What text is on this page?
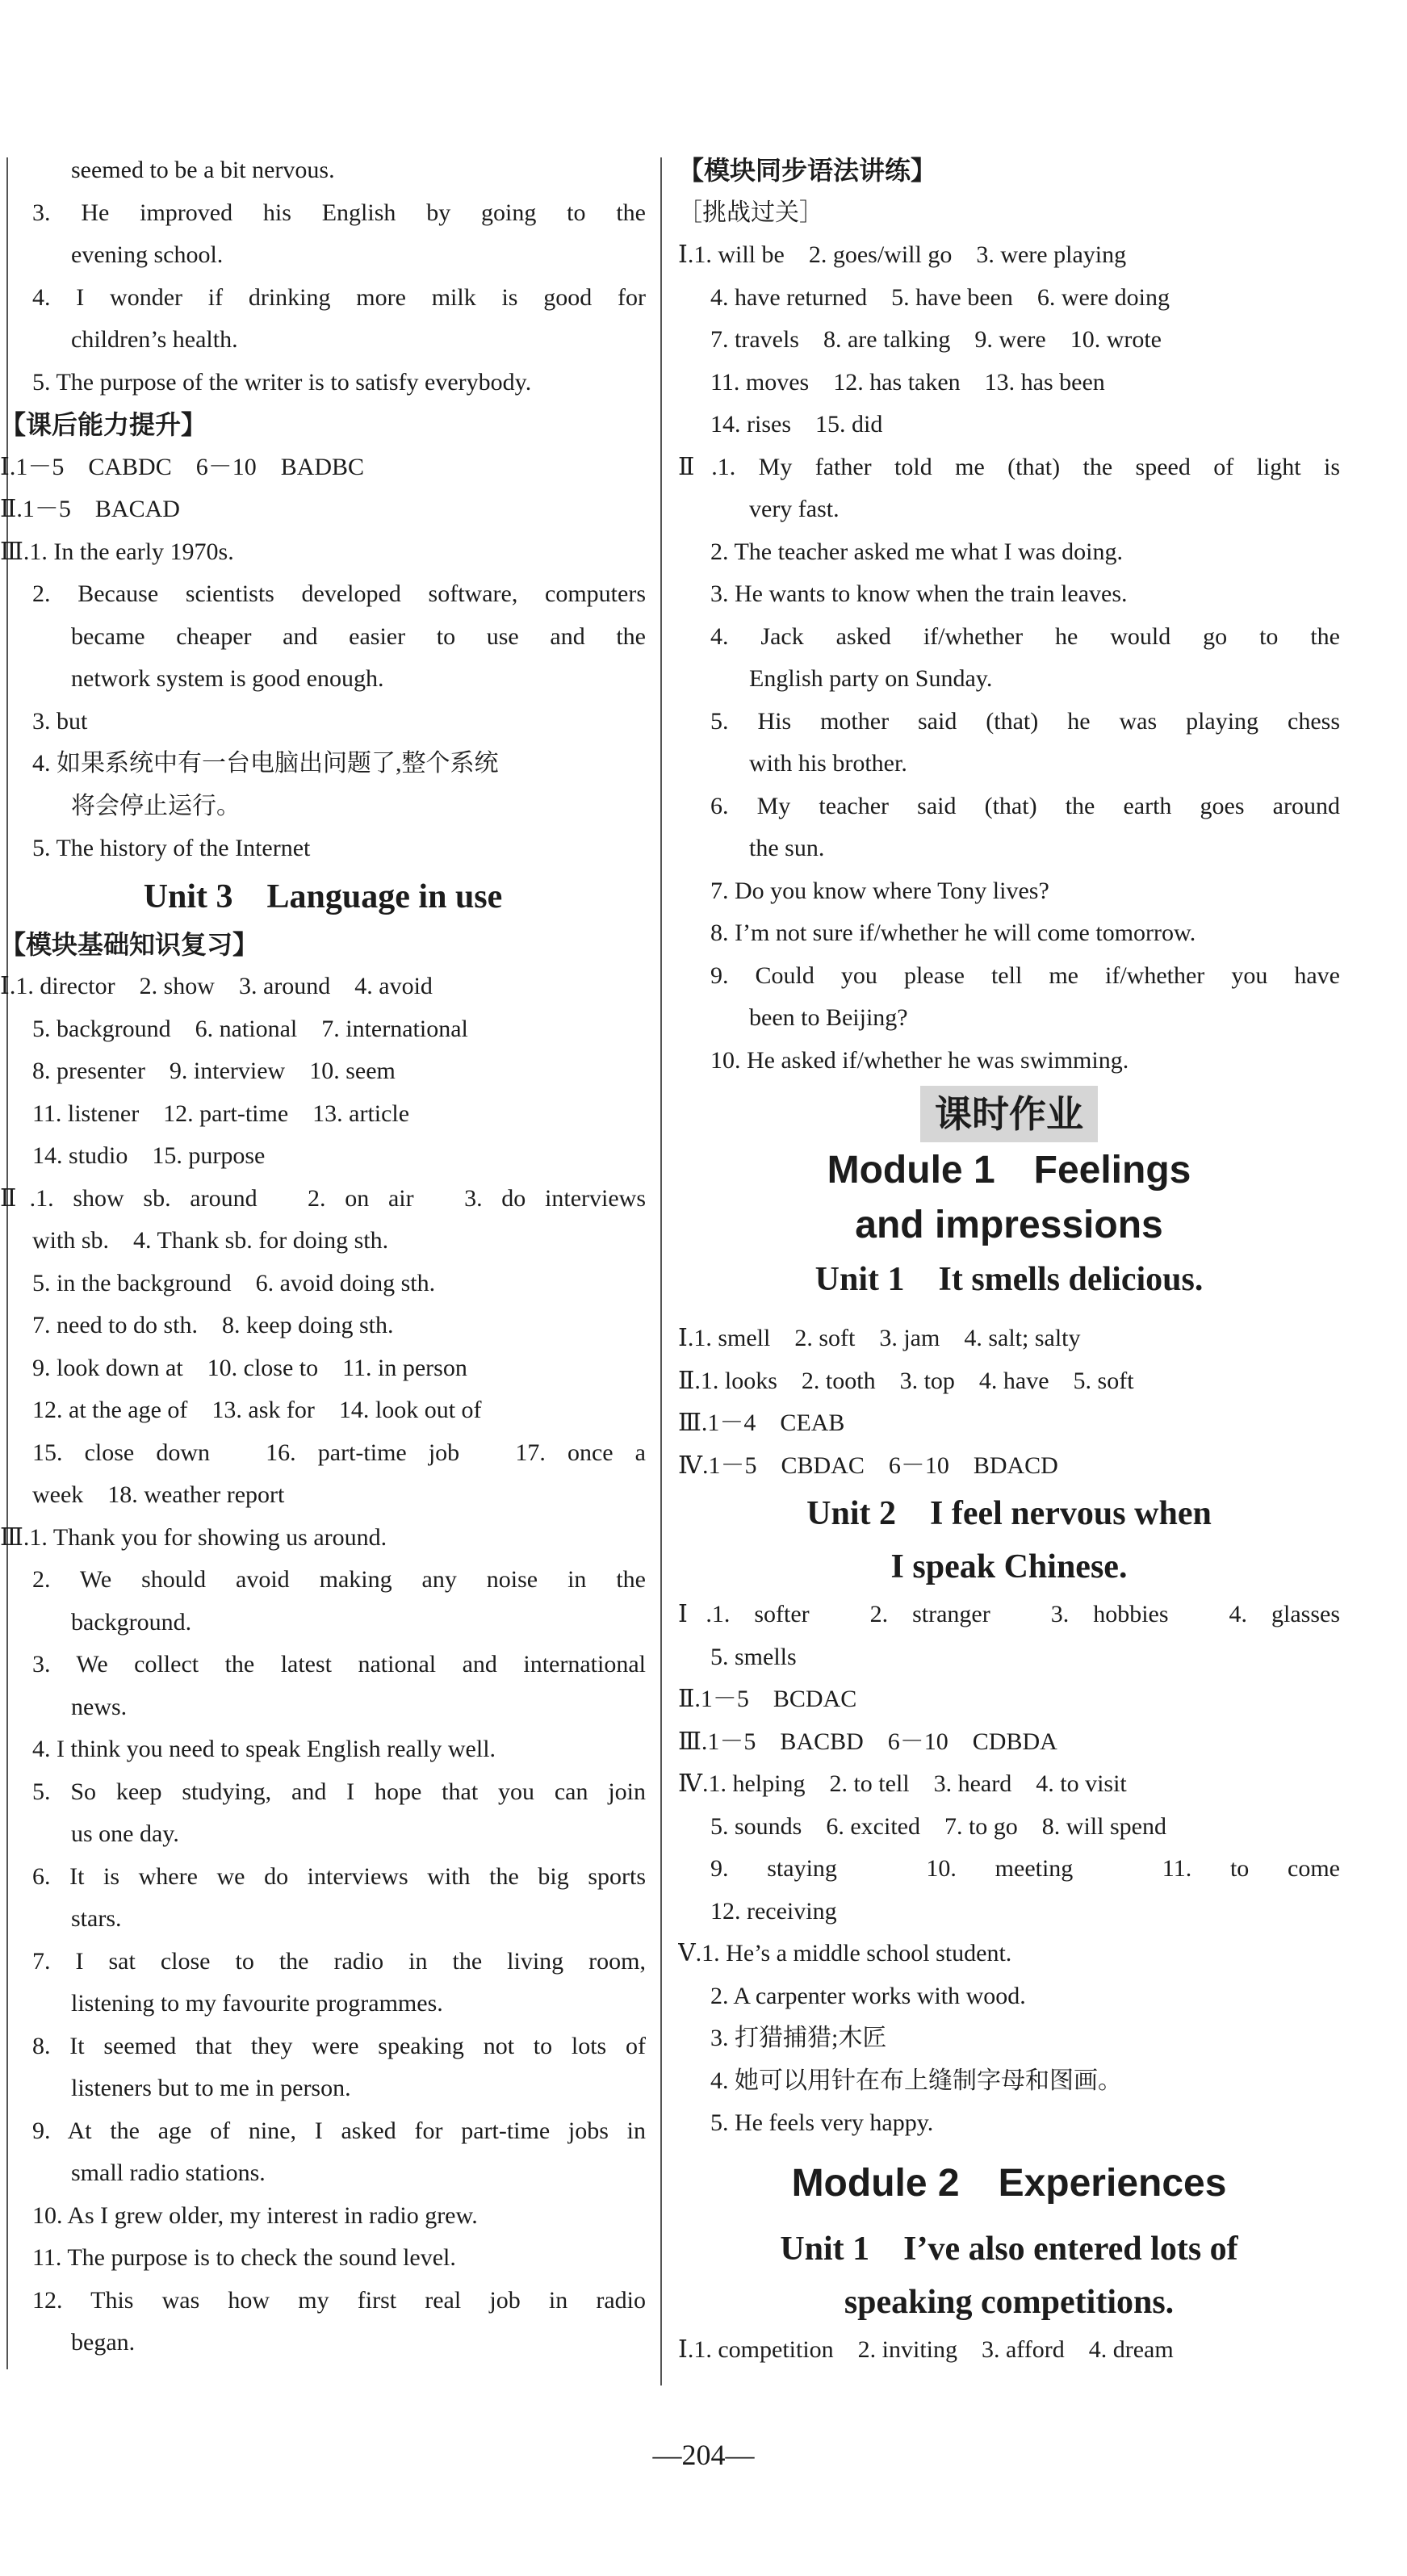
seemed to be a bit nervous.
3. He improved his English by going to the
evening school.
4. I wonder if drinking more milk is good for
children’s health.
5. The purpose of the writer is to satisfy everybody.
【课后能力提升】
Ⅰ.1－5　CABDC　6－10　BADBC
Ⅱ.1－5　BACAD
Ⅲ.1. In the early 1970s.
2. Because scientists developed software, computers
became cheaper and easier to use and the
network system is good enough.
3. but
4. 如果系统中有一台电脑出问题了,整个系统
将会停止运行。
5. The history of the Internet
Unit 3　Language in use
【模块基础知识复习】
Ⅰ.1. director　2. show　3. around　4. avoid
5. background　6. national　7. international
8. presenter　9. interview　10. seem
11. listener　12. part-time　13. article
14. studio　15. purpose
Ⅱ.1. show sb. around　2. on air　3. do interviews
with sb.　4. Thank sb. for doing sth.
5. in the background　6. avoid doing sth.
7. need to do sth.　8. keep doing sth.
9. look down at　10. close to　11. in person
12. at the age of　13. ask for　14. look out of
15. close down　16. part-time job　17. once a
week　18. weather report
Ⅲ.1. Thank you for showing us around.
2. We should avoid making any noise in the
background.
3. We collect the latest national and international
news.
4. I think you need to speak English really well.
5. So keep studying, and I hope that you can join
us one day.
6. It is where we do interviews with the big sports
stars.
7. I sat close to the radio in the living room,
listening to my favourite programmes.
8. It seemed that they were speaking not to lots of
listeners but to me in person.
9. At the age of nine, I asked for part-time jobs in
small radio stations.
10. As I grew older, my interest in radio grew.
11. The purpose is to check the sound level.
12. This was how my first real job in radio
began.
【模块同步语法讲练】
［挑战过关］
Ⅰ.1. will be　2. goes/will go　3. were playing
4. have returned　5. have been　6. were doing
7. travels　8. are talking　9. were　10. wrote
11. moves　12. has taken　13. has been
14. rises　15. did
Ⅱ.1. My father told me (that) the speed of light is
very fast.
2. The teacher asked me what I was doing.
3. He wants to know when the train leaves.
4. Jack asked if/whether he would go to the
English party on Sunday.
5. His mother said (that) he was playing chess
with his brother.
6. My teacher said (that) the earth goes around
the sun.
7. Do you know where Tony lives?
8. I’m not sure if/whether he will come tomorrow.
9. Could you please tell me if/whether you have
been to Beijing?
10. He asked if/whether he was swimming.
课时作业
Module 1　Feelings
and impressions
Unit 1　It smells delicious.
Ⅰ.1. smell　2. soft　3. jam　4. salt; salty
Ⅱ.1. looks　2. tooth　3. top　4. have　5. soft
Ⅲ.1－4　CEAB
Ⅳ.1－5　CBDAC　6－10　BDACD
Unit 2　I feel nervous when
I speak Chinese.
Ⅰ.1. softer　2. stranger　3. hobbies　4. glasses
5. smells
Ⅱ.1－5　BCDAC
Ⅲ.1－5　BACBD　6－10　CDBDA
Ⅳ.1. helping　2. to tell　3. heard　4. to visit
5. sounds　6. excited　7. to go　8. will spend
9. staying　10. meeting　11. to come
12. receiving
Ⅴ.1. He’s a middle school student.
2. A carpenter works with wood.
3. 打猎捕猎;木匠
4. 她可以用针在布上缝制字母和图画。
5. He feels very happy.
Module 2　Experiences
Unit 1　I’ve also entered lots of
speaking competitions.
Ⅰ.1. competition　2. inviting　3. afford　4. dream
—204—
